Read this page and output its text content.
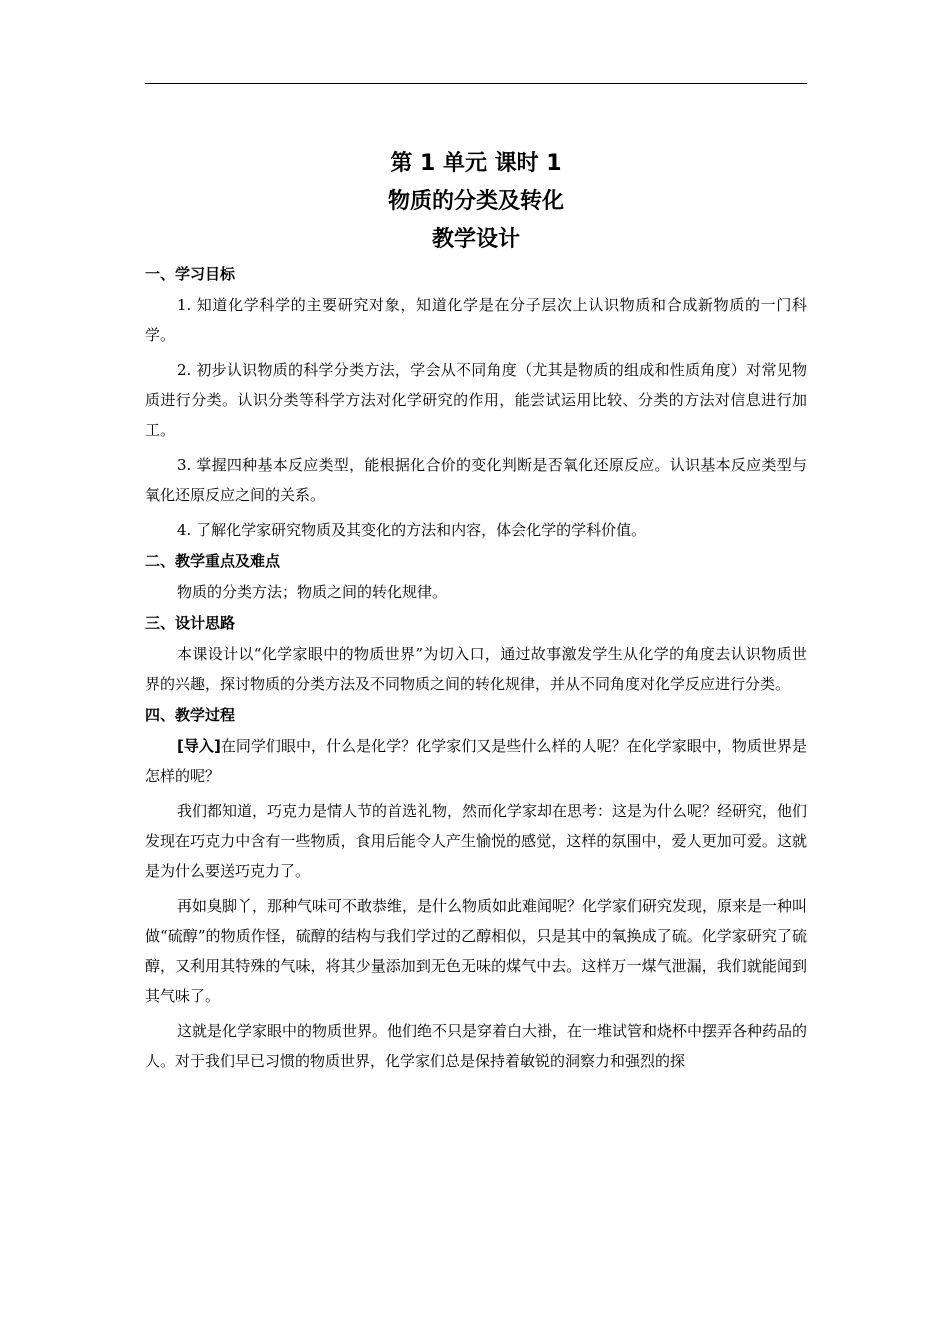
第 1 单元 课时 1
物质的分类及转化
教学设计
一、学习目标
1. 知道化学科学的主要研究对象，知道化学是在分子层次上认识物质和合成新物质的一门科学。
2. 初步认识物质的科学分类方法，学会从不同角度（尤其是物质的组成和性质角度）对常见物质进行分类。认识分类等科学方法对化学研究的作用，能尝试运用比较、分类的方法对信息进行加工。
3. 掌握四种基本反应类型，能根据化合价的变化判断是否氧化还原反应。认识基本反应类型与氧化还原反应之间的关系。
4. 了解化学家研究物质及其变化的方法和内容，体会化学的学科价值。
二、教学重点及难点
物质的分类方法；物质之间的转化规律。
三、设计思路
本课设计以“化学家眼中的物质世界”为切入口，通过故事激发学生从化学的角度去认识物质世界的兴趣，探讨物质的分类方法及不同物质之间的转化规律，并从不同角度对化学反应进行分类。
四、教学过程
[导入]在同学们眼中，什么是化学？化学家们又是些什么样的人呢？在化学家眼中，物质世界是怎样的呢？
我们都知道，巧克力是情人节的首选礼物，然而化学家却在思考：这是为什么呢？经研究，他们发现在巧克力中含有一些物质，食用后能令人产生愉悦的感觉，这样的氛围中，爱人更加可爱。这就是为什么要送巧克力了。
再如臭脚丫，那种气味可不敢恭维，是什么物质如此难闻呢？化学家们研究发现，原来是一种叫做“硫醇”的物质作怪，硫醇的结构与我们学过的乙醇相似，只是其中的氧换成了硫。化学家研究了硫醇，又利用其特殊的气味，将其少量添加到无色无味的煤气中去。这样万一煤气泄漏，我们就能闻到其气味了。
这就是化学家眼中的物质世界。他们绝不只是穿着白大褂，在一堆试管和烧杯中摆弄各种药品的人。对于我们早已习惯的物质世界，化学家们总是保持着敏锐的洞察力和强烈的探
